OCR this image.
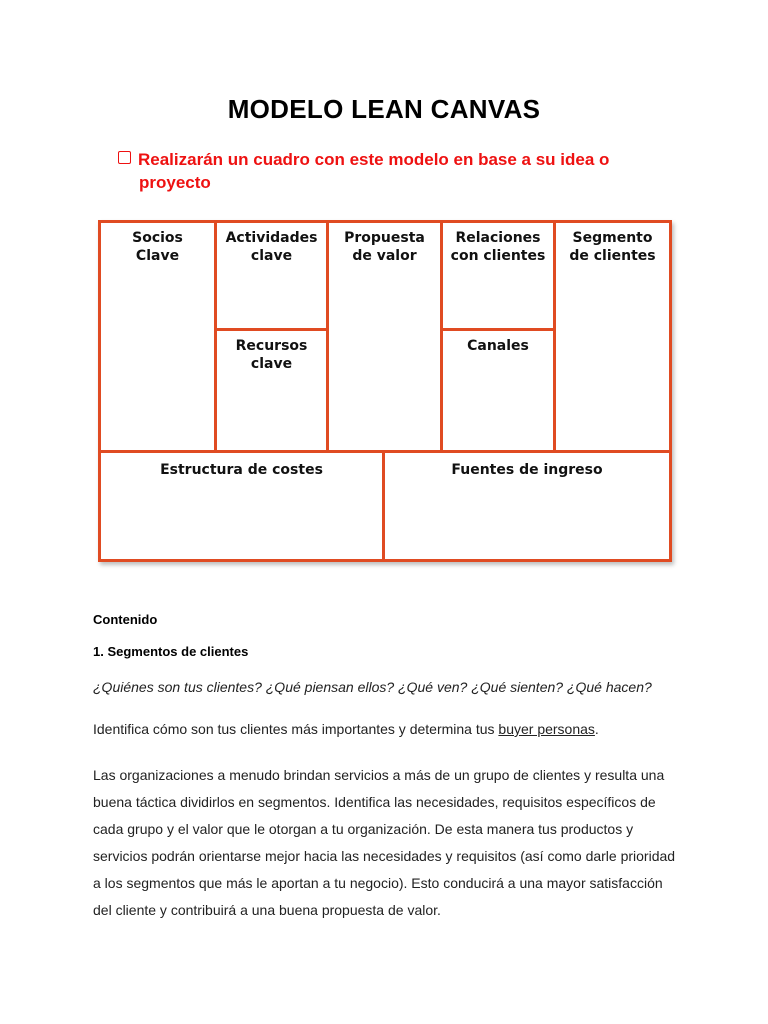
MODELO LEAN CANVAS
Realizarán un cuadro con este modelo en base a su idea o
proyecto
Socios
Clave
Actividades
clave
Recursos
clave
Propuesta
de valor
Relaciones
con clientes
Canales
Segmento
de clientes
Estructura de costes	Fuentes de ingreso
Contenido
1. Segmentos de clientes
¿Quiénes son tus clientes? ¿Qué piensan ellos? ¿Qué ven? ¿Qué sienten? ¿Qué hacen?
Identifica cómo son tus clientes más importantes y determina tus buyer personas.
Las organizaciones a menudo brindan servicios a más de un grupo de clientes y resulta una buena táctica dividirlos en segmentos. Identifica las necesidades, requisitos específicos de cada grupo y el valor que le otorgan a tu organización. De esta manera tus productos y servicios podrán orientarse mejor hacia las necesidades y requisitos (así como darle prioridad a los segmentos que más le aportan a tu negocio). Esto conducirá a una mayor satisfacción del cliente y contribuirá a una buena propuesta de valor.
